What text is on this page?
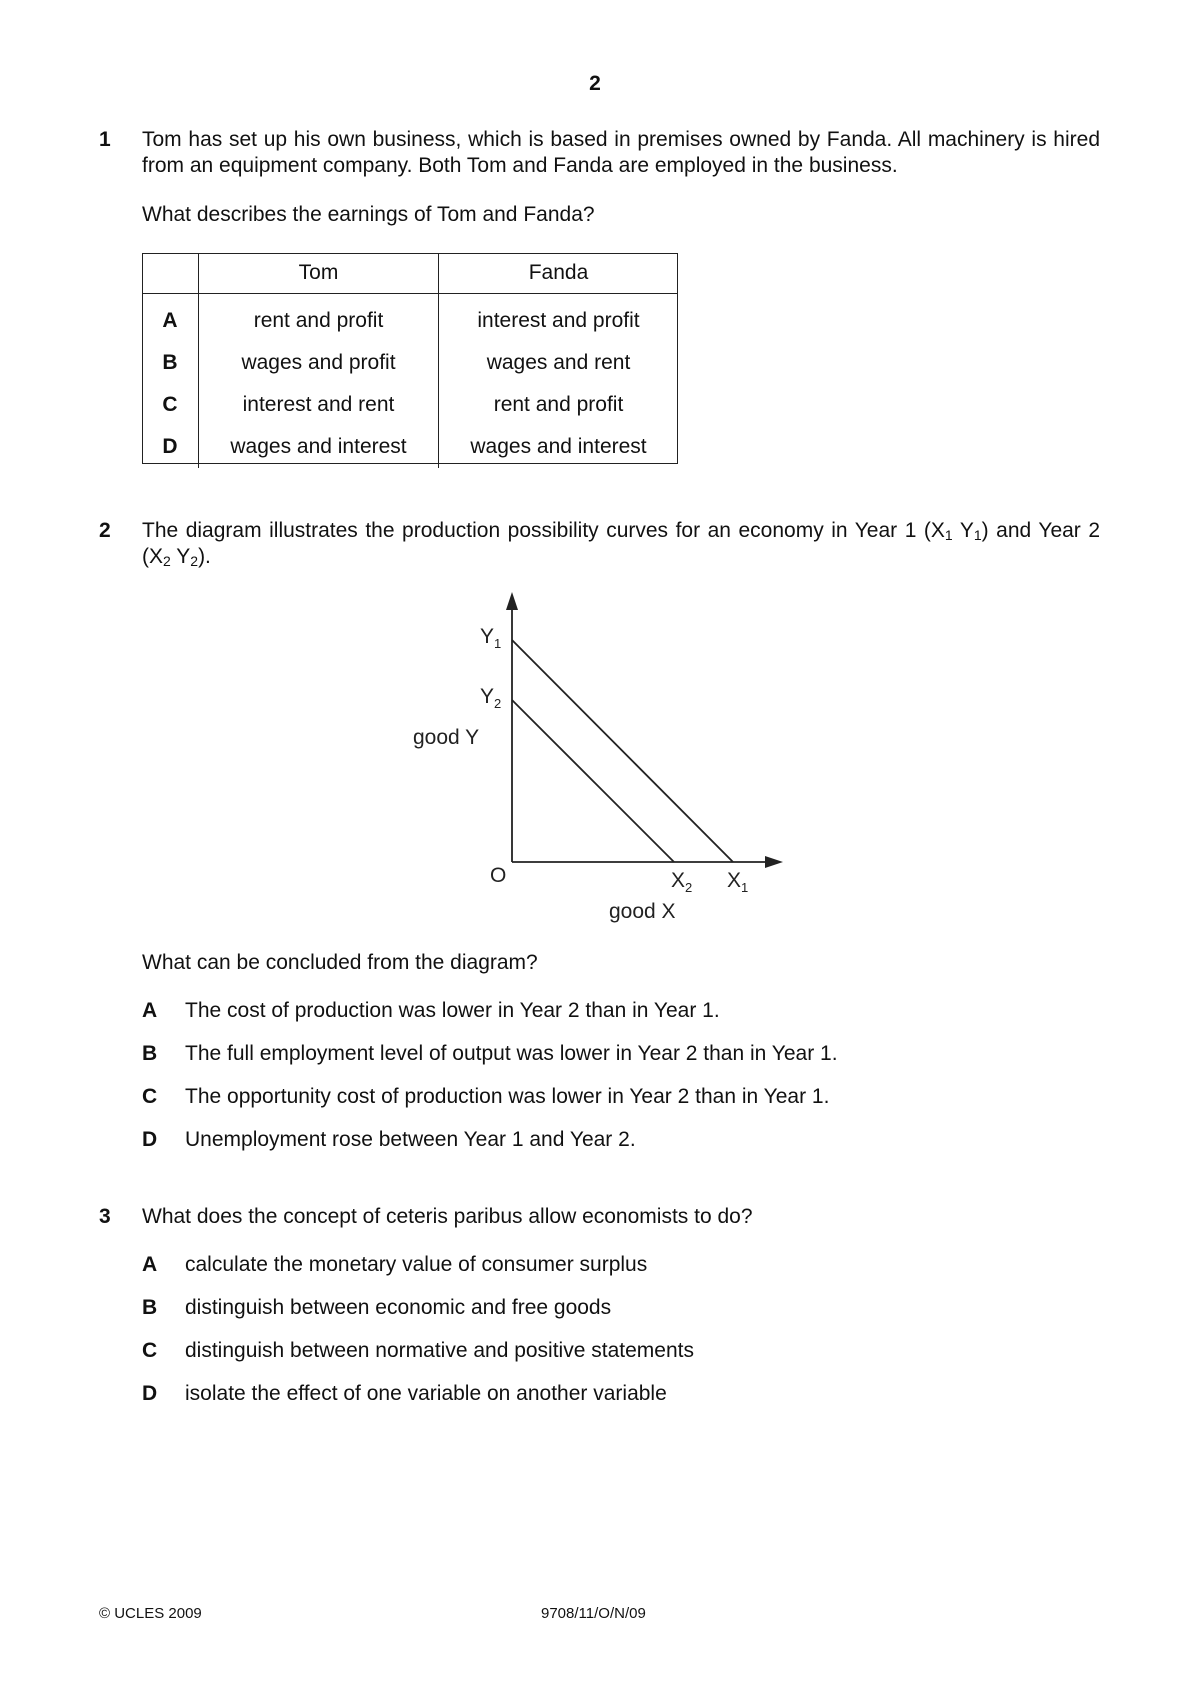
2
1 Tom has set up his own business, which is based in premises owned by Fanda. All machinery is hired from an equipment company. Both Tom and Fanda are employed in the business.
What describes the earnings of Tom and Fanda?
	Tom	Fanda
A	rent and profit	interest and profit
B	wages and profit	wages and rent
C	interest and rent	rent and profit
D	wages and interest	wages and interest
2 The diagram illustrates the production possibility curves for an economy in Year 1 ($X_1$ $Y_1$) and Year 2 ($X_2$ $Y_2$).
$Y_1$
$Y_2$
good Y
O	$X_2$ $X_1$
good X
What can be concluded from the diagram?
A The cost of production was lower in Year 2 than in Year 1.
B The full employment level of output was lower in Year 2 than in Year 1.
C The opportunity cost of production was lower in Year 2 than in Year 1.
D Unemployment rose between Year 1 and Year 2.
3 What does the concept of ceteris paribus allow economists to do?
A calculate the monetary value of consumer surplus
B distinguish between economic and free goods
C distinguish between normative and positive statements
D isolate the effect of one variable on another variable
© UCLES 2009	9708/11/O/N/09
